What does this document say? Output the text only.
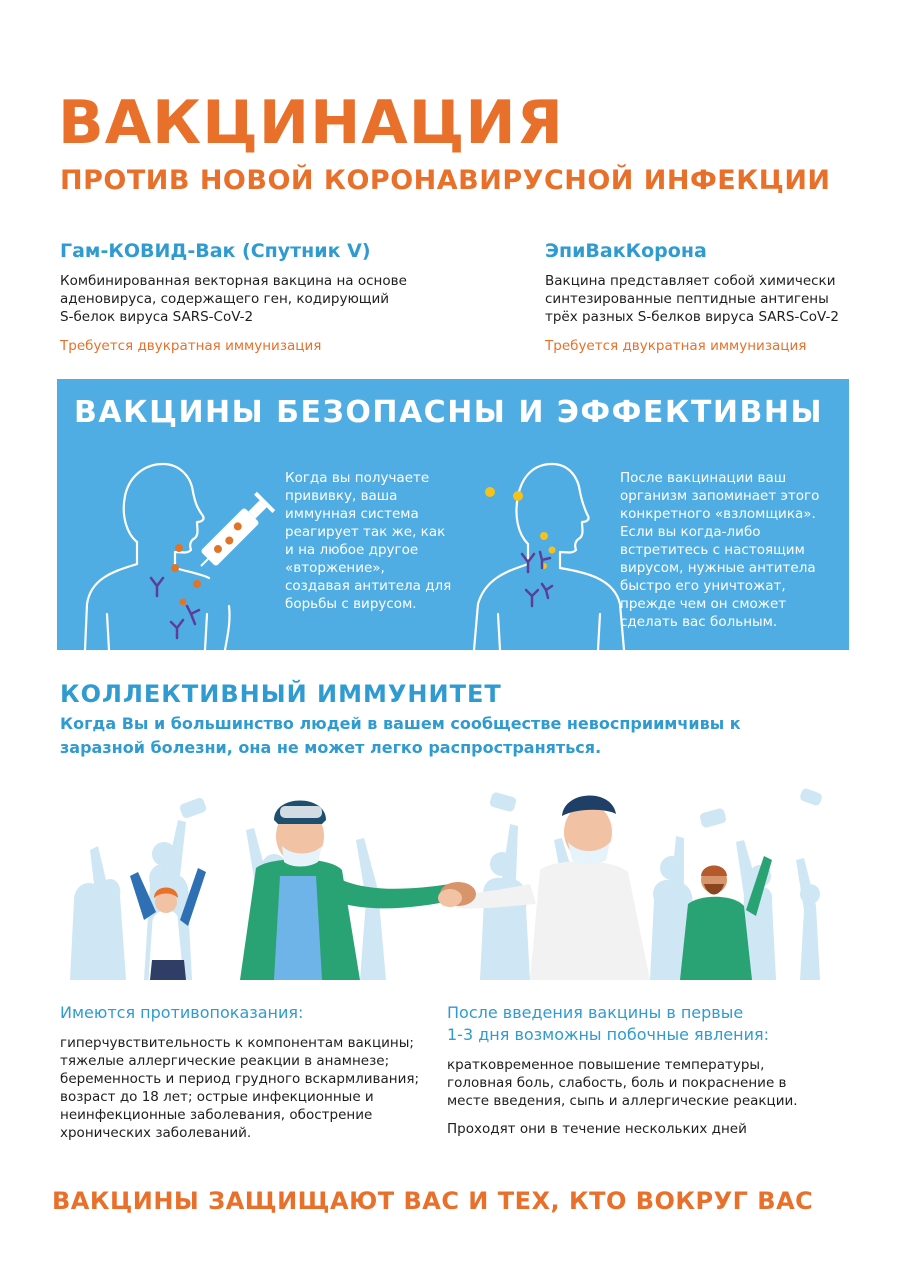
ВАКЦИНАЦИЯ
ПРОТИВ НОВОЙ КОРОНАВИРУСНОЙ ИНФЕКЦИИ

Гам-КОВИД-Вак (Спутник V)

Комбинированная векторная вакцина на основе
аденовируса, содержащего ген, кодирующий
S-белок вируса SARS-CoV-2

Требуется двукратная иммунизация

ЭпиВакКорона

Вакцина представляет собой химически
синтезированные пептидные антигены
трёх разных S-белков вируса SARS-CoV-2

Требуется двукратная иммунизация

ВАКЦИНЫ БЕЗОПАСНЫ И ЭФФЕКТИВНЫ

Когда вы получаете
прививку, ваша
иммунная система
реагирует так же, как
и на любое другое
«вторжение»,
создавая антитела для
борьбы с вирусом.

После вакцинации ваш
организм запоминает этого
конкретного «взломщика».
Если вы когда-либо
встретитесь с настоящим
вирусом, нужные антитела
быстро его уничтожат,
прежде чем он сможет
сделать вас больным.

КОЛЛЕКТИВНЫЙ ИММУНИТЕТ

Когда Вы и большинство людей в вашем сообществе невосприимчивы к
заразной болезни, она не может легко распространяться.

Имеются противопоказания:

гиперчувствительность к компонентам вакцины;
тяжелые аллергические реакции в анамнезе;
беременность и период грудного вскармливания;
возраст до 18 лет; острые инфекционные и
неинфекционные заболевания, обострение
хронических заболеваний.

После введения вакцины в первые
1-3 дня возможны побочные явления:

кратковременное повышение температуры,
головная боль, слабость, боль и покраснение в
месте введения, сыпь и аллергические реакции.

Проходят они в течение нескольких дней

ВАКЦИНЫ ЗАЩИЩАЮТ ВАС И ТЕХ, КТО ВОКРУГ ВАС
